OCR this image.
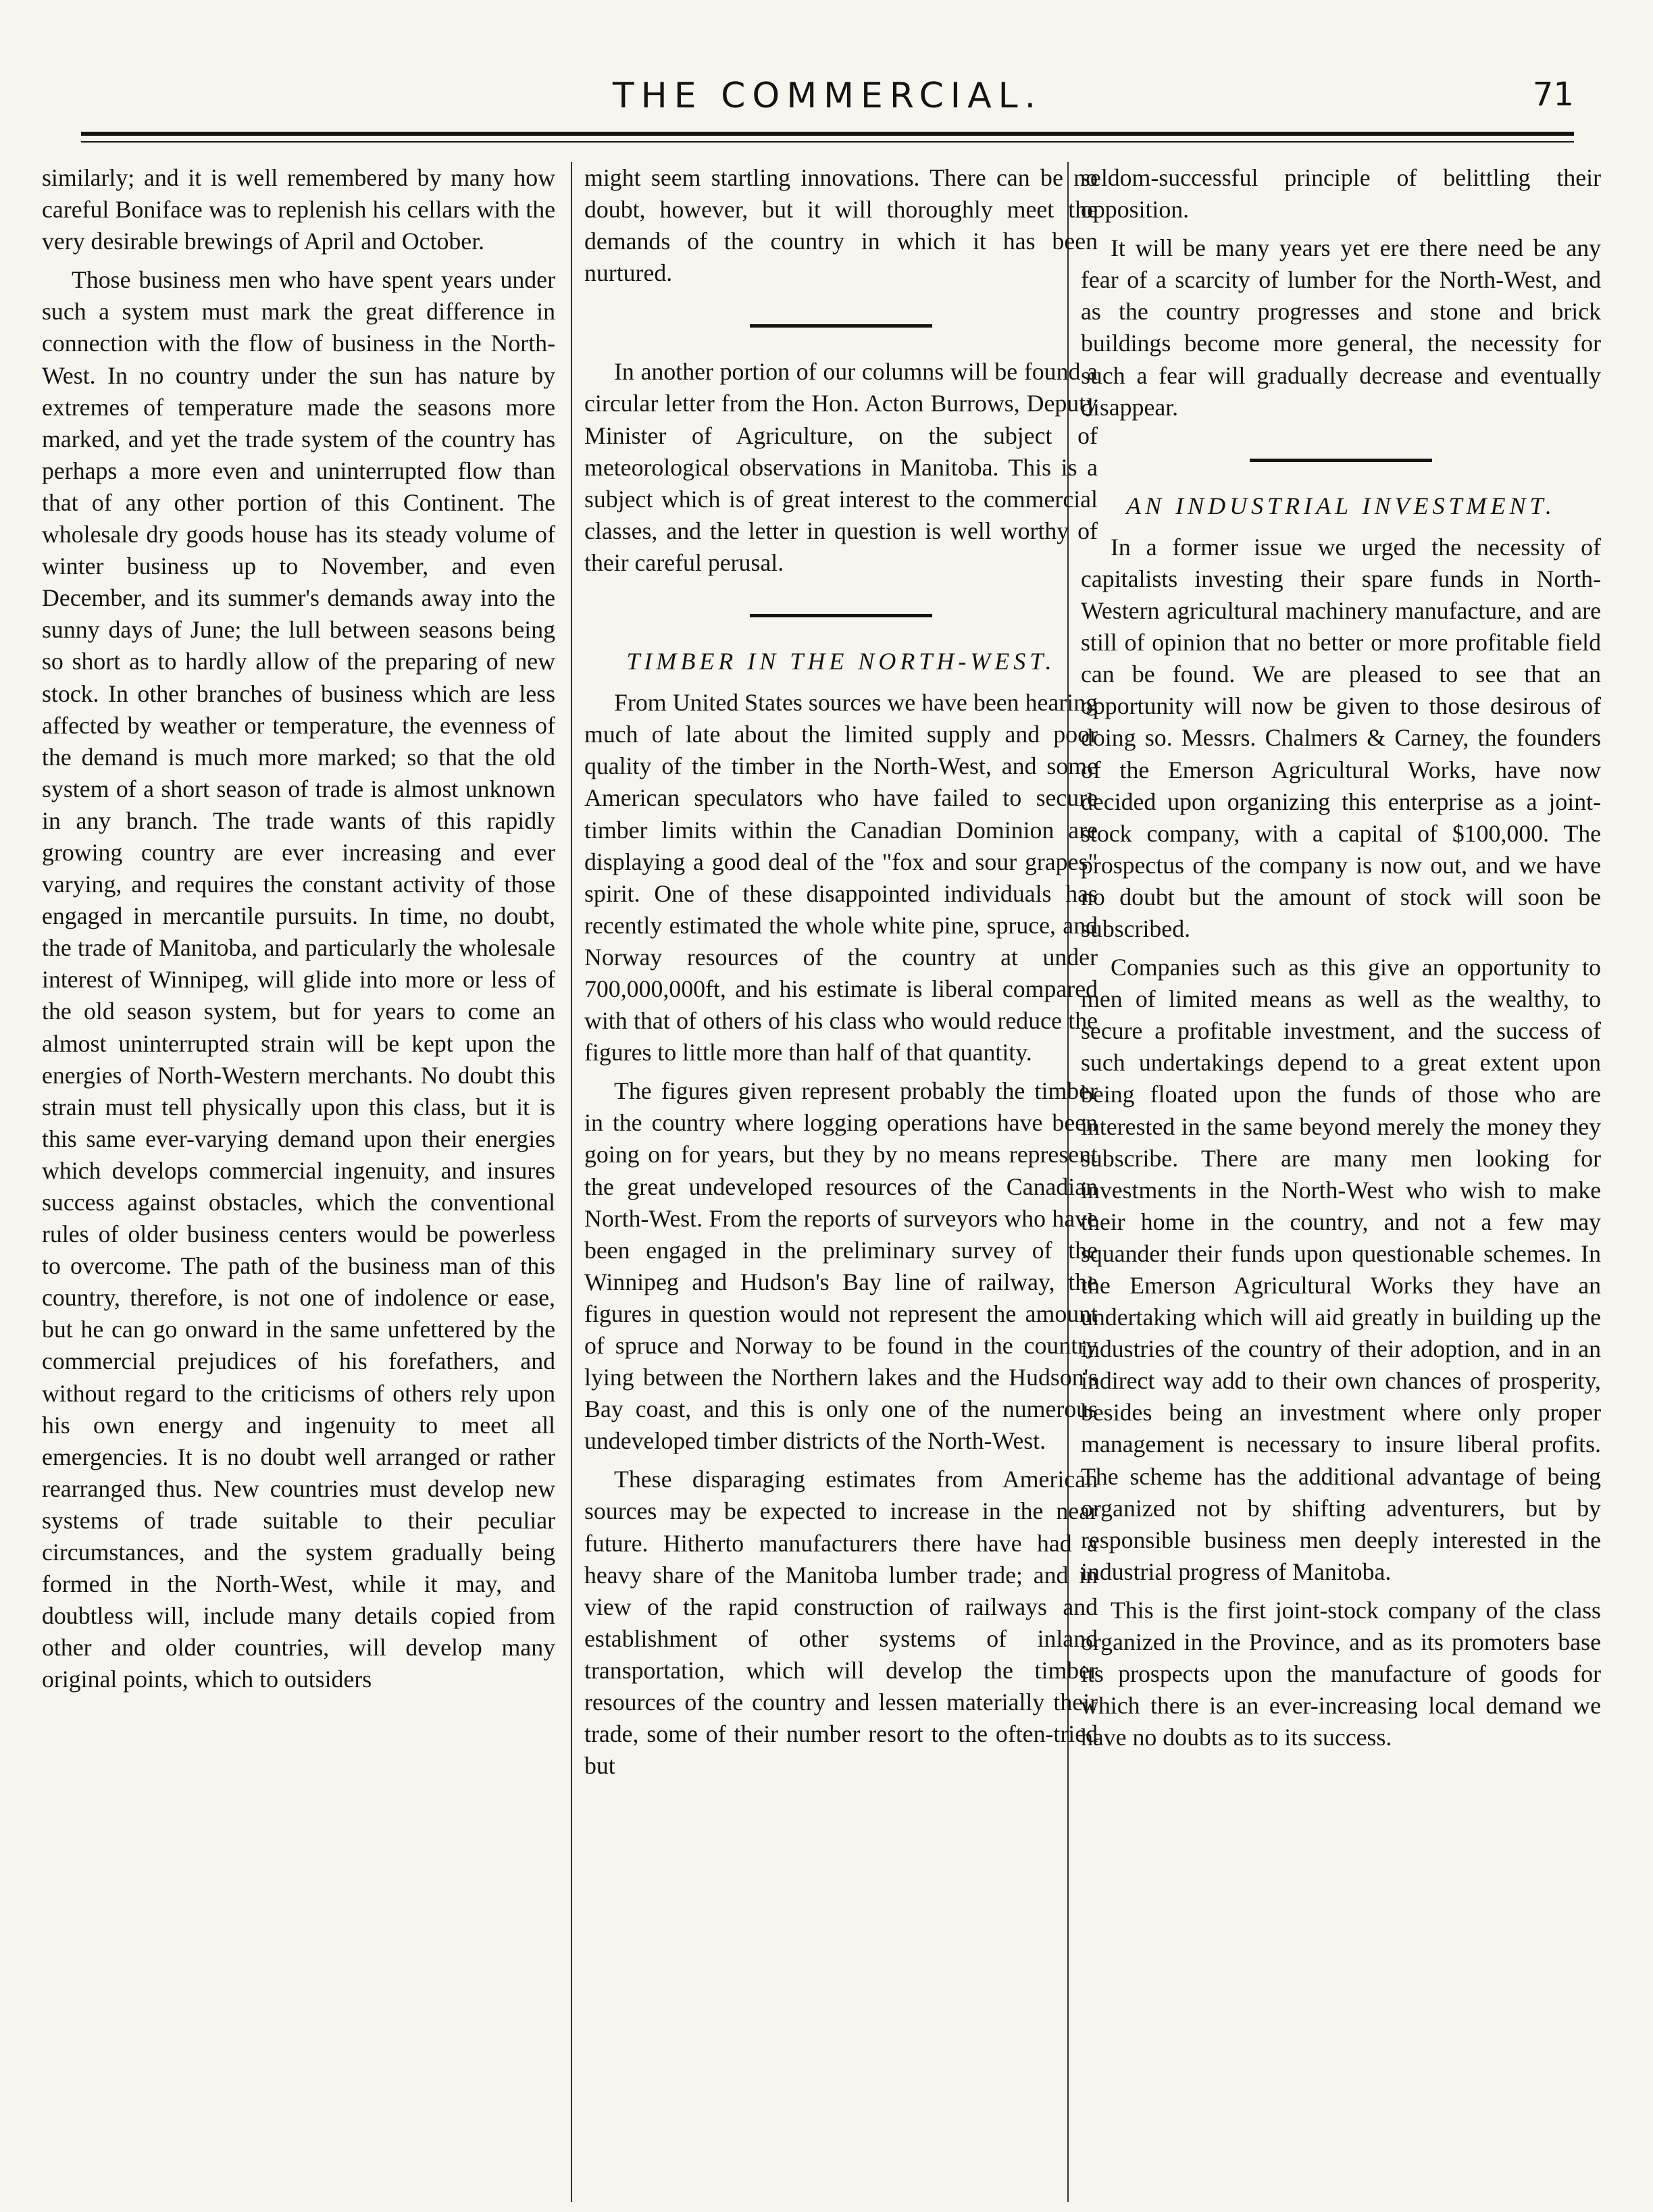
THE COMMERCIAL.	71

similarly; and it is well remembered by many how careful Boniface was to replenish his cellars with the very desirable brewings of April and October.

Those business men who have spent years under such a system must mark the great difference in connection with the flow of business in the North-West. In no country under the sun has nature by extremes of temperature made the seasons more marked, and yet the trade system of the country has perhaps a more even and uninterrupted flow than that of any other portion of this Continent. The wholesale dry goods house has its steady volume of winter business up to November, and even December, and its summer's demands away into the sunny days of June; the lull between seasons being so short as to hardly allow of the preparing of new stock. In other branches of business which are less affected by weather or temperature, the evenness of the demand is much more marked; so that the old system of a short season of trade is almost unknown in any branch. The trade wants of this rapidly growing country are ever increasing and ever varying, and requires the constant activity of those engaged in mercantile pursuits. In time, no doubt, the trade of Manitoba, and particularly the wholesale interest of Winnipeg, will glide into more or less of the old season system, but for years to come an almost uninterrupted strain will be kept upon the energies of North-Western merchants. No doubt this strain must tell physically upon this class, but it is this same ever-varying demand upon their energies which develops commercial ingenuity, and insures success against obstacles, which the conventional rules of older business centers would be powerless to overcome. The path of the business man of this country, therefore, is not one of indolence or ease, but he can go onward in the same unfettered by the commercial prejudices of his forefathers, and without regard to the criticisms of others rely upon his own energy and ingenuity to meet all emergencies. It is no doubt well arranged or rather rearranged thus. New countries must develop new systems of trade suitable to their peculiar circumstances, and the system gradually being formed in the North-West, while it may, and doubtless will, include many details copied from other and older countries, will develop many original points, which to outsiders

might seem startling innovations. There can be no doubt, however, but it will thoroughly meet the demands of the country in which it has been nurtured.

In another portion of our columns will be found a circular letter from the Hon. Acton Burrows, Deputy Minister of Agriculture, on the subject of meteorological observations in Manitoba. This is a subject which is of great interest to the commercial classes, and the letter in question is well worthy of their careful perusal.

TIMBER IN THE NORTH-WEST.

From United States sources we have been hearing much of late about the limited supply and poor quality of the timber in the North-West, and some American speculators who have failed to secure timber limits within the Canadian Dominion are displaying a good deal of the "fox and sour grapes" spirit. One of these disappointed individuals has recently estimated the whole white pine, spruce, and Norway resources of the country at under 700,000,000ft, and his estimate is liberal compared with that of others of his class who would reduce the figures to little more than half of that quantity.

The figures given represent probably the timber in the country where logging operations have been going on for years, but they by no means represent the great undeveloped resources of the Canadian North-West. From the reports of surveyors who have been engaged in the preliminary survey of the Winnipeg and Hudson's Bay line of railway, the figures in question would not represent the amount of spruce and Norway to be found in the country lying between the Northern lakes and the Hudson's Bay coast, and this is only one of the numerous undeveloped timber districts of the North-West.

These disparaging estimates from American sources may be expected to increase in the near future. Hitherto manufacturers there have had a heavy share of the Manitoba lumber trade; and in view of the rapid construction of railways and establishment of other systems of inland transportation, which will develop the timber resources of the country and lessen materially their trade, some of their number resort to the often-tried but

seldom-successful principle of belittling their opposition.

It will be many years yet ere there need be any fear of a scarcity of lumber for the North-West, and as the country progresses and stone and brick buildings become more general, the necessity for such a fear will gradually decrease and eventually disappear.

AN INDUSTRIAL INVESTMENT.

In a former issue we urged the necessity of capitalists investing their spare funds in North-Western agricultural machinery manufacture, and are still of opinion that no better or more profitable field can be found. We are pleased to see that an opportunity will now be given to those desirous of doing so. Messrs. Chalmers & Carney, the founders of the Emerson Agricultural Works, have now decided upon organizing this enterprise as a joint-stock company, with a capital of $100,000. The prospectus of the company is now out, and we have no doubt but the amount of stock will soon be subscribed.

Companies such as this give an opportunity to men of limited means as well as the wealthy, to secure a profitable investment, and the success of such undertakings depend to a great extent upon being floated upon the funds of those who are interested in the same beyond merely the money they subscribe. There are many men looking for investments in the North-West who wish to make their home in the country, and not a few may squander their funds upon questionable schemes. In the Emerson Agricultural Works they have an undertaking which will aid greatly in building up the industries of the country of their adoption, and in an indirect way add to their own chances of prosperity, besides being an investment where only proper management is necessary to insure liberal profits. The scheme has the additional advantage of being organized not by shifting adventurers, but by responsible business men deeply interested in the industrial progress of Manitoba.

This is the first joint-stock company of the class organized in the Province, and as its promoters base its prospects upon the manufacture of goods for which there is an ever-increasing local demand we have no doubts as to its success.
